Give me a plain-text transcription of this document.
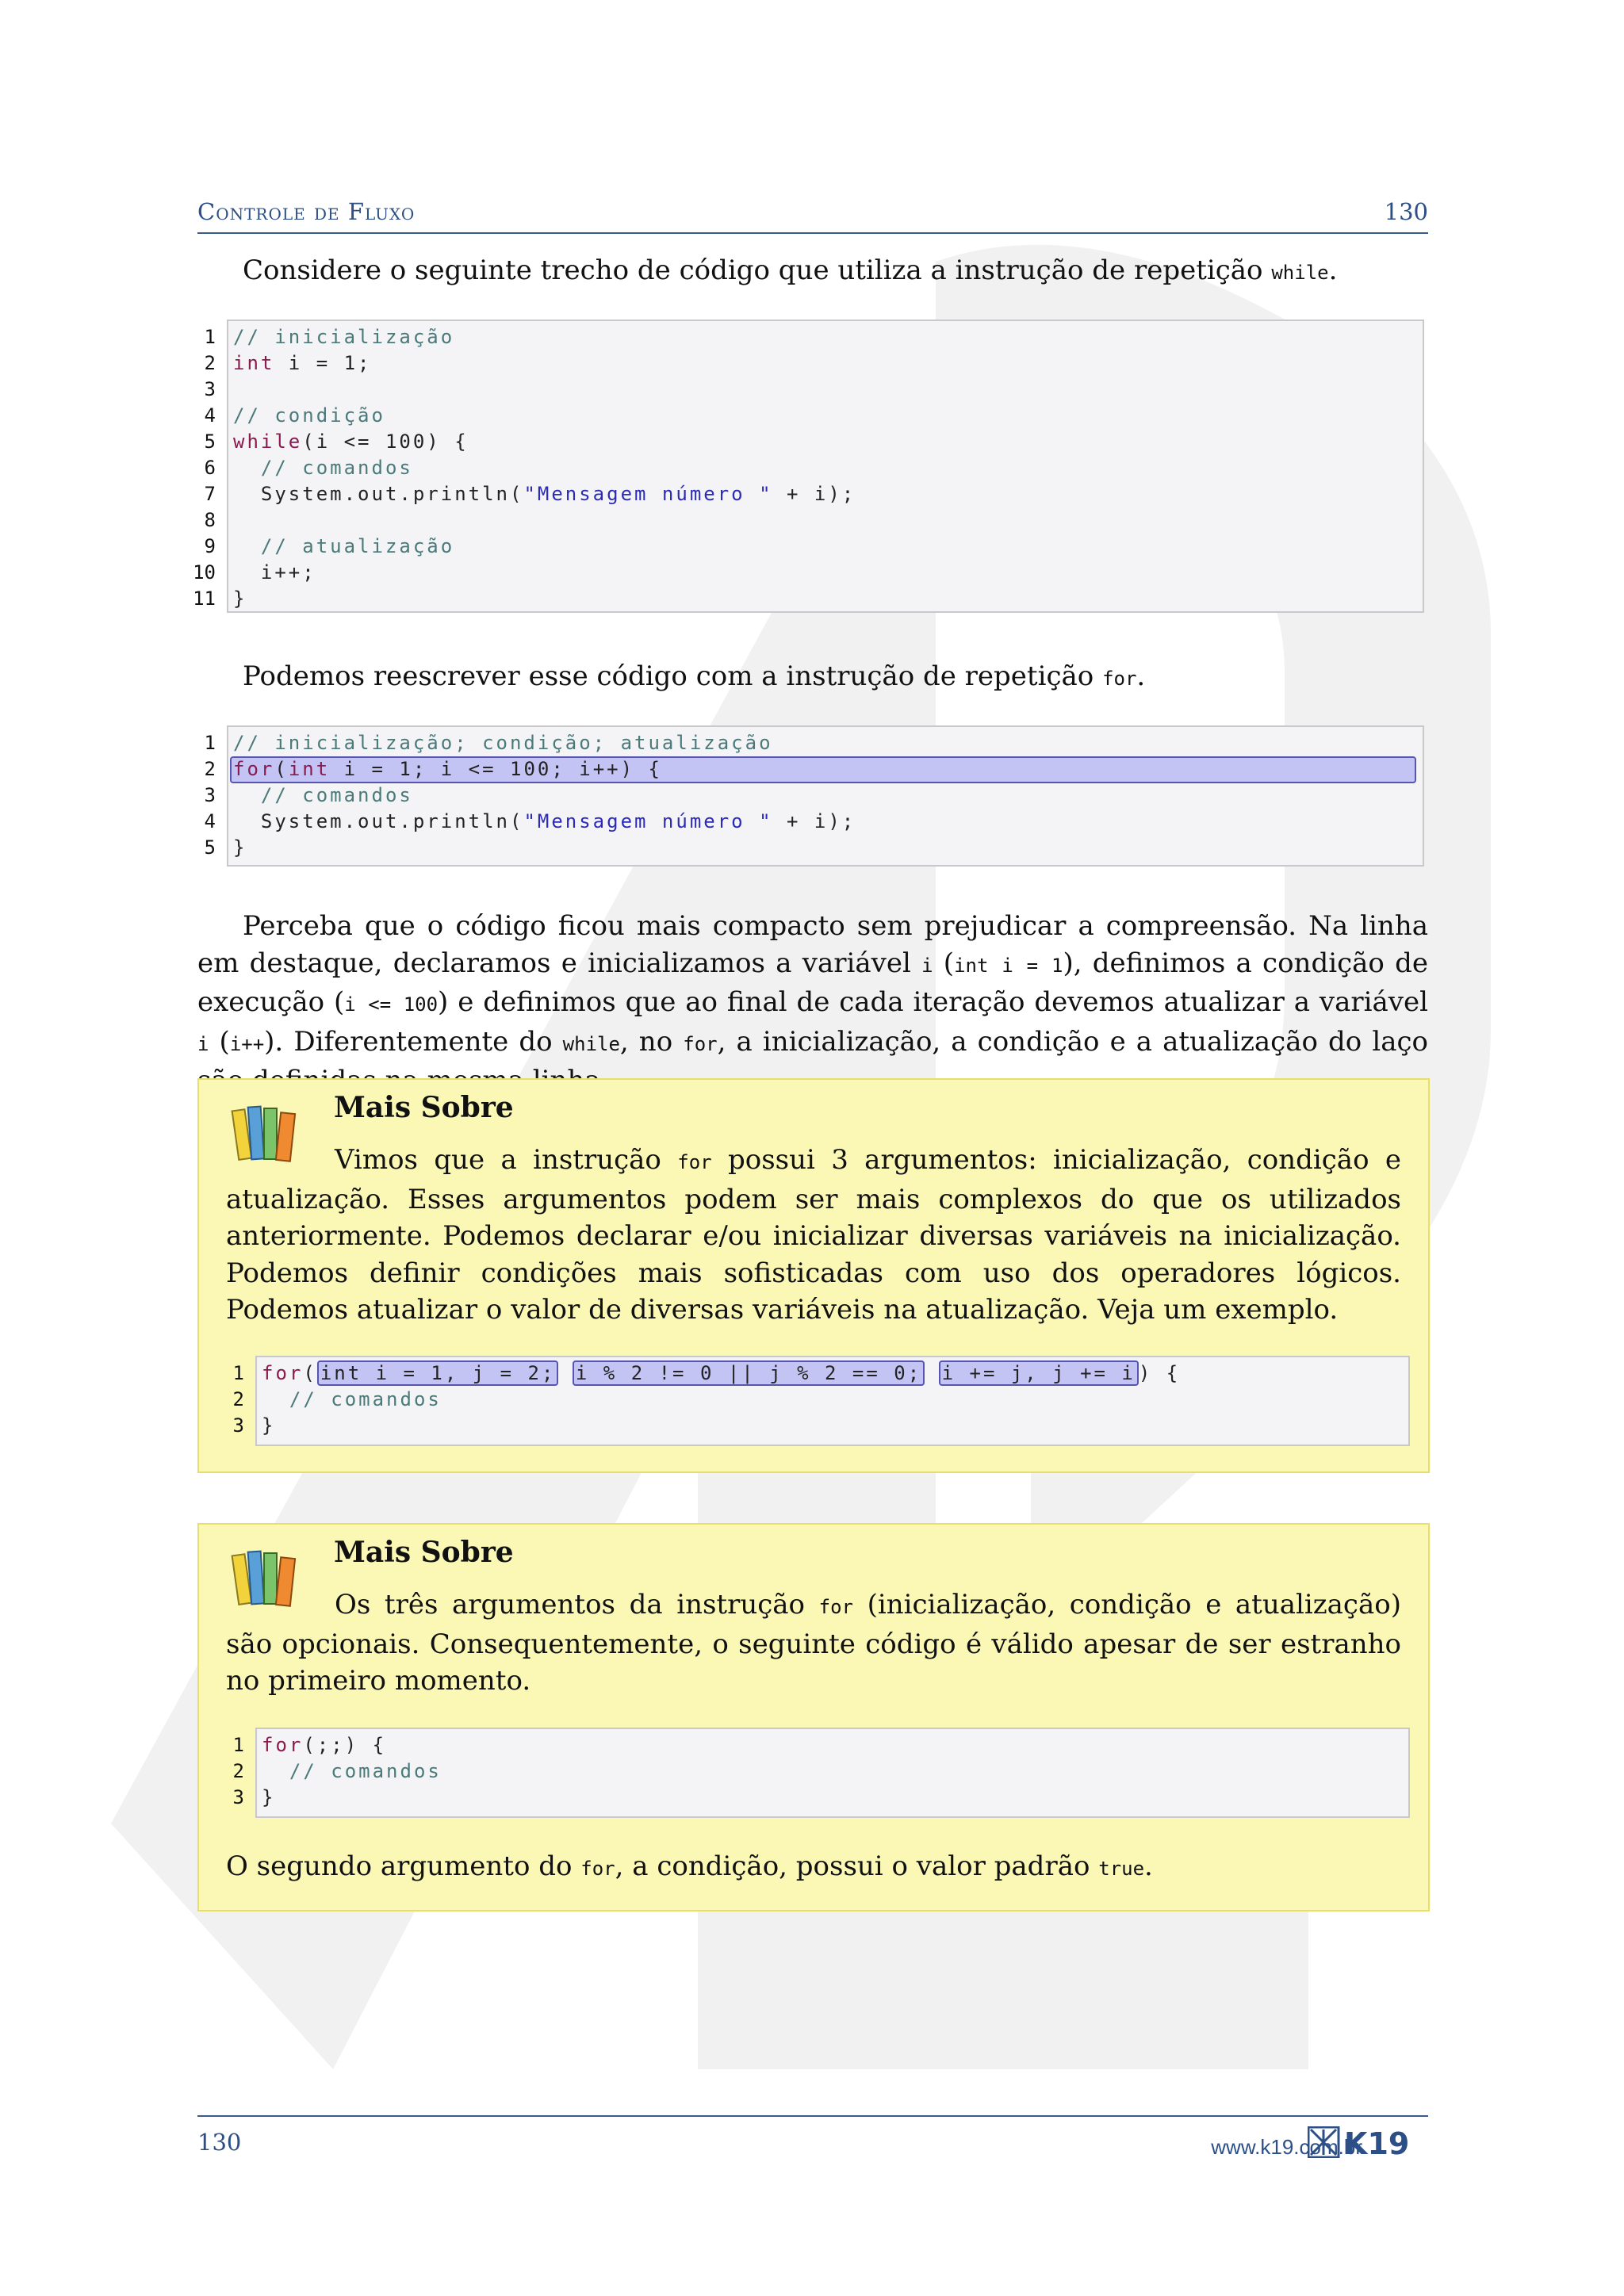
Controle de Fluxo	130
Considere o seguinte trecho de código que utiliza a instrução de repetição while.
1
2
3
4
5
6
7
8
9
10
11
// inicialização
int i = 1;
// condição
while(i <= 100) {
// comandos
System.out.println("Mensagem número " + i);
// atualização
i++;
}
Podemos reescrever esse código com a instrução de repetição for.
1
2
3
4
5
// inicialização; condição; atualização
for(int i = 1; i <= 100; i++) {
// comandos
System.out.println("Mensagem número " + i);
}
Perceba que o código ficou mais compacto sem prejudicar a compreensão. Na linha em destaque, declaramos e inicializamos a variável i (int i = 1), definimos a condição de execução (i <= 100) e definimos que ao final de cada iteração devemos atualizar a variável i (i++). Diferentemente do while, no for, a inicialização, a condição e a atualização do laço
Mais Sobre
Vimos que a instrução for possui 3 argumentos: inicialização, condição e atualização. Esses argumentos podem ser mais complexos do que os utilizados anteriormente. Podemos declarar e/ou inicializar diversas variáveis na inicialização. Podemos definir condições mais sofisticadas com uso dos operadores lógicos. Podemos atualizar o valor de diversas variáveis na atualização. Veja um exemplo.
1
2
3
for( int i = 1, j = 2; i % 2 != 0 || j % 2 == 0; i += j, j += i ) {
// comandos
}
Mais Sobre
Os três argumentos da instrução for (inicialização, condição e atualização) são opcionais. Consequentemente, o seguinte código é válido apesar de ser estranho no primeiro momento.
1
2
3
for(;;) {
// comandos
}
O segundo argumento do for, a condição, possui o valor padrão true.
130	www.k19.com.br
K19
